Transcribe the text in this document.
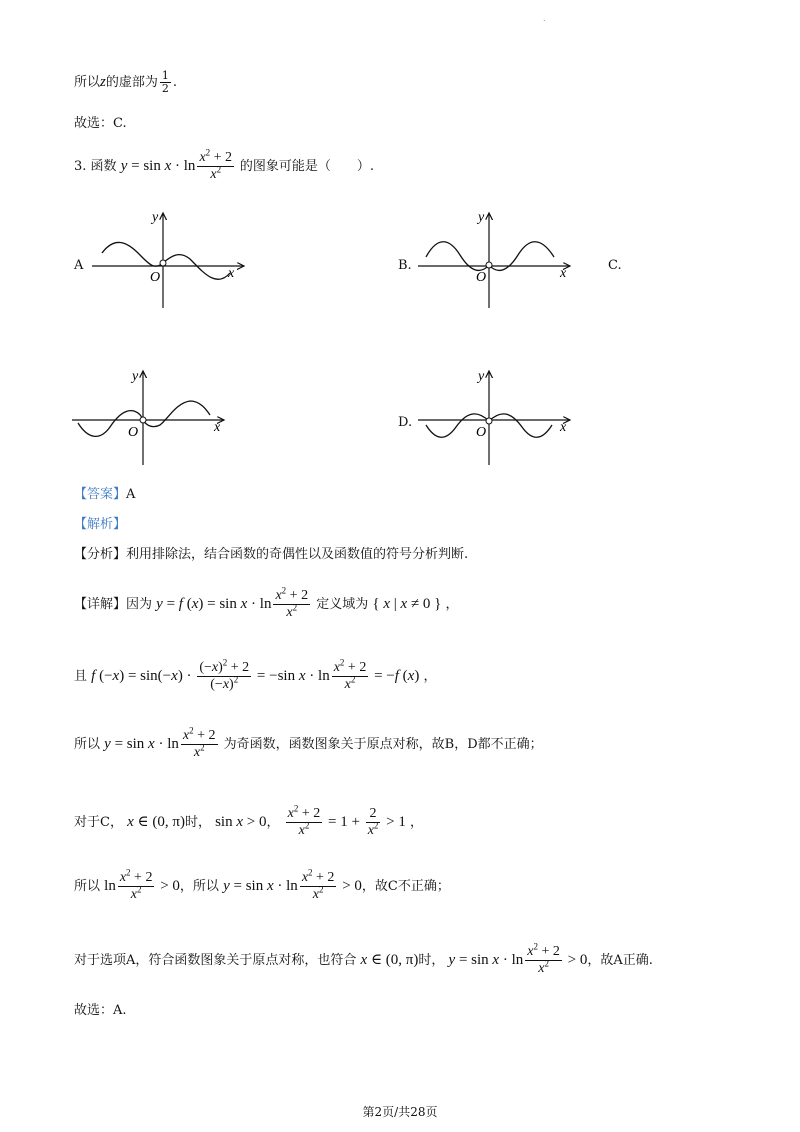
.
所以z的虚部为 $\frac{1}{2}$ .
故选：C.
3. 函数 $y = \sin x \cdot \ln \frac{x^2 + 2}{x^2}$ 的图象可能是（　　）.
A	B.	C.
D.
x
y
O	x
y
O
x
y
O	x
y
O
【答案】A
【解析】
【分析】利用排除法，结合函数的奇偶性以及函数值的符号分析判断.
【详解】因为 y = f $(x) = \sin x \cdot \ln \frac{x^2 + 2}{x^2}$ 定义域为 { x | x ≠ 0 } ，
且 f $(-x) = \sin(-x) \cdot \frac{(-x)^2 + 2}{(-x)^2} = -\sin$ $x \cdot \ln \frac{x^2 + 2}{x^2} = -f$ (x) ，
所以 $y = \sin x \cdot \ln \frac{x^2 + 2}{x^2}$ 为奇函数，函数图象关于原点对称，故B，D都不正确；
对于C， x ∈ (0, π)时， sin x > 0， $\frac{x^2 + 2}{x^2} = 1 + \frac{2}{x^2} > 1$ ，
所以 $\ln \frac{x^2 + 2}{x^2} > 0$，所以 $y = \sin x \cdot \ln \frac{x^2 + 2}{x^2} > 0$，故C不正确；
对于选项A，符合函数图象关于原点对称，也符合 x ∈ (0, π)时， $y = \sin x \cdot \ln \frac{x^2 + 2}{x^2} > 0$，故A正确.
故选：A.
第2页/共28页
